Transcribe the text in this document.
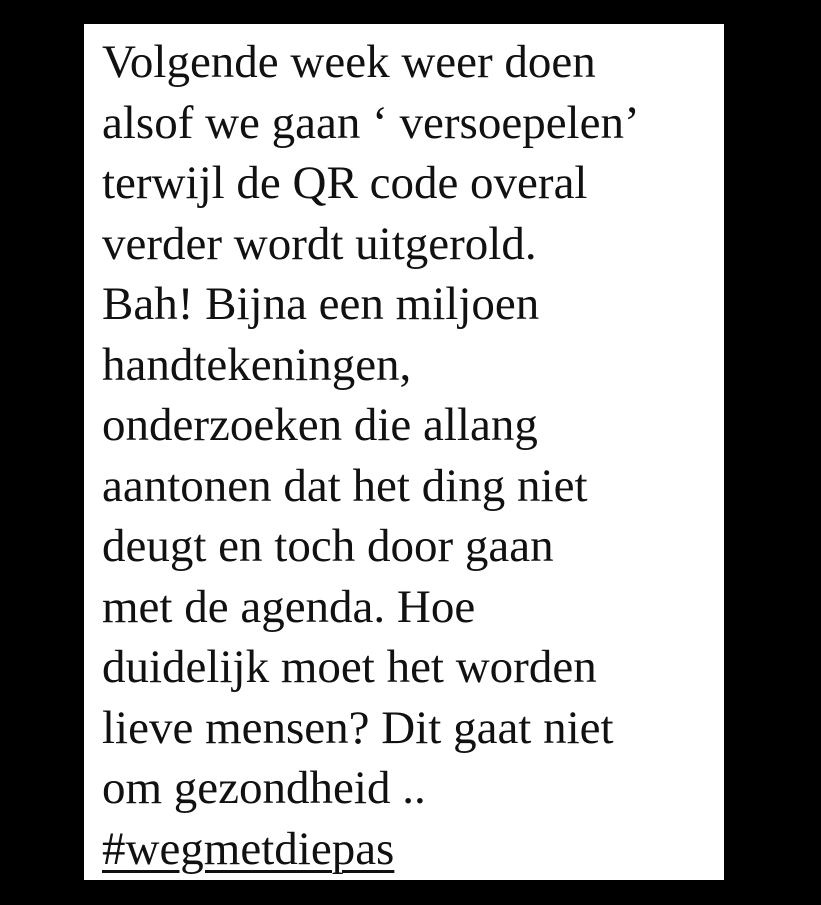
Volgende week weer doen
alsof we gaan ‘ versoepelen’
terwijl de QR code overal
verder wordt uitgerold.
Bah! Bijna een miljoen
handtekeningen,
onderzoeken die allang
aantonen dat het ding niet
deugt en toch door gaan
met de agenda. Hoe
duidelijk moet het worden
lieve mensen? Dit gaat niet
om gezondheid ..
#wegmetdiepas
